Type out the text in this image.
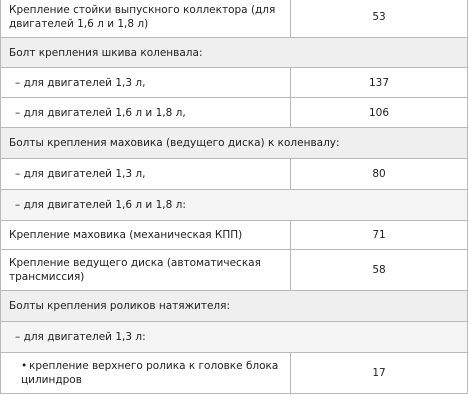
Крепление стойки выпускного коллектора (для двигателей 1,6 л и 1,8 л)	53
Болт крепления шкива коленвала:	
– для двигателей 1,3 л,	137
– для двигателей 1,6 л и 1,8 л,	106
Болты крепления маховика (ведущего диска) к коленвалу:	
– для двигателей 1,3 л,	80
– для двигателей 1,6 л и 1,8 л:	
Крепление маховика (механическая КПП)	71
Крепление ведущего диска (автоматическая трансмиссия)	58
Болты крепления роликов натяжителя:	
– для двигателей 1,3 л:	
• крепление верхнего ролика к головке блока цилиндров	17
